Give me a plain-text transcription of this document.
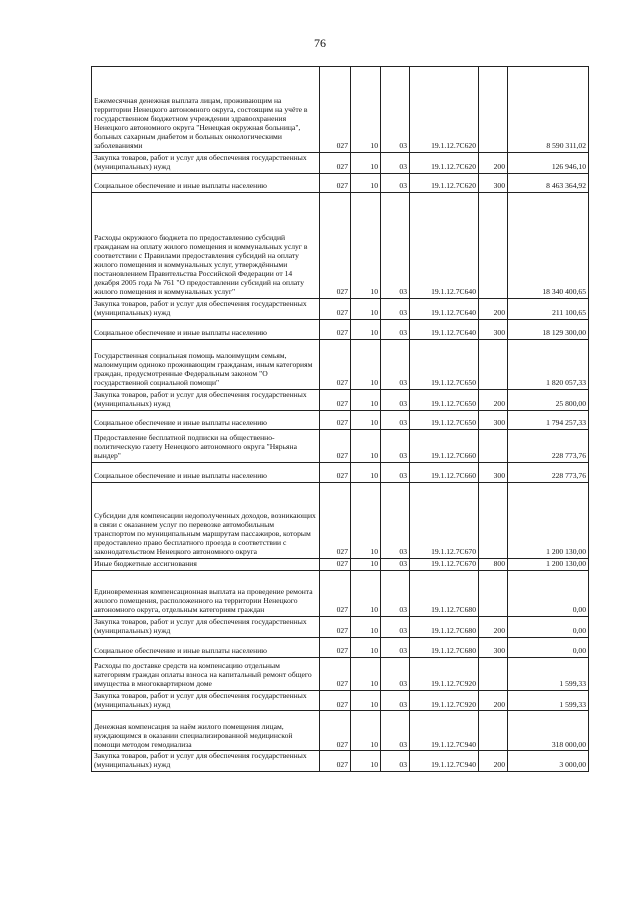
76
Ежемесячная денежная выплата лицам, проживающим на территории Ненецкого автономного округа, состоящим на учёте в государственном бюджетном учреждении здравоохранения Ненецкого автономного округа "Ненецкая окружная больница", больных сахарным диабетом и больных онкологическими заболеваниями	027	10	03	19.1.12.7С620		8 590 311,02
Закупка товаров, работ и услуг для обеспечения государственных (муниципальных) нужд	027	10	03	19.1.12.7С620	200	126 946,10
Социальное обеспечение и иные выплаты населению	027	10	03	19.1.12.7С620	300	8 463 364,92
Расходы окружного бюджета по предоставлению субсидий гражданам на оплату жилого помещения и коммунальных услуг в соответствии с Правилами предоставления субсидий на оплату жилого помещения и коммунальных услуг, утверждёнными постановлением Правительства Российской Федерации от 14 декабря 2005 года № 761 "О предоставлении субсидий на оплату жилого помещения и коммунальных услуг"	027	10	03	19.1.12.7С640		18 340 400,65
Закупка товаров, работ и услуг для обеспечения государственных (муниципальных) нужд	027	10	03	19.1.12.7С640	200	211 100,65
Социальное обеспечение и иные выплаты населению	027	10	03	19.1.12.7С640	300	18 129 300,00
Государственная социальная помощь малоимущим семьям, малоимущим одиноко проживающим гражданам, иным категориям граждан, предусмотренные Федеральным законом "О государственной социальной помощи"	027	10	03	19.1.12.7С650		1 820 057,33
Закупка товаров, работ и услуг для обеспечения государственных (муниципальных) нужд	027	10	03	19.1.12.7С650	200	25 800,00
Социальное обеспечение и иные выплаты населению	027	10	03	19.1.12.7С650	300	1 794 257,33
Предоставление бесплатной подписки на общественно-политическую газету Ненецкого автономного округа "Нярьяна вындер"	027	10	03	19.1.12.7С660		228 773,76
Социальное обеспечение и иные выплаты населению	027	10	03	19.1.12.7С660	300	228 773,76
Субсидии для компенсации недополученных доходов, возникающих в связи с оказанием услуг по перевозке автомобильным транспортом по муниципальным маршрутам пассажиров, которым предоставлено право бесплатного проезда в соответствии с законодательством Ненецкого автономного округа	027	10	03	19.1.12.7С670		1 200 130,00
Иные бюджетные ассигнования	027	10	03	19.1.12.7С670	800	1 200 130,00
Единовременная компенсационная выплата на проведение ремонта жилого помещения, расположенного на территории Ненецкого автономного округа, отдельным категориям граждан	027	10	03	19.1.12.7С680		0,00
Закупка товаров, работ и услуг для обеспечения государственных (муниципальных) нужд	027	10	03	19.1.12.7С680	200	0,00
Социальное обеспечение и иные выплаты населению	027	10	03	19.1.12.7С680	300	0,00
Расходы по доставке средств на компенсацию отдельным категориям граждан оплаты взноса на капитальный ремонт общего имущества в многоквартирном доме	027	10	03	19.1.12.7С920		1 599,33
Закупка товаров, работ и услуг для обеспечения государственных (муниципальных) нужд	027	10	03	19.1.12.7С920	200	1 599,33
Денежная компенсация за наём жилого помещения лицам, нуждающимся в оказании специализированной медицинской помощи методом гемодиализа	027	10	03	19.1.12.7С940		318 000,00
Закупка товаров, работ и услуг для обеспечения государственных (муниципальных) нужд	027	10	03	19.1.12.7С940	200	3 000,00
